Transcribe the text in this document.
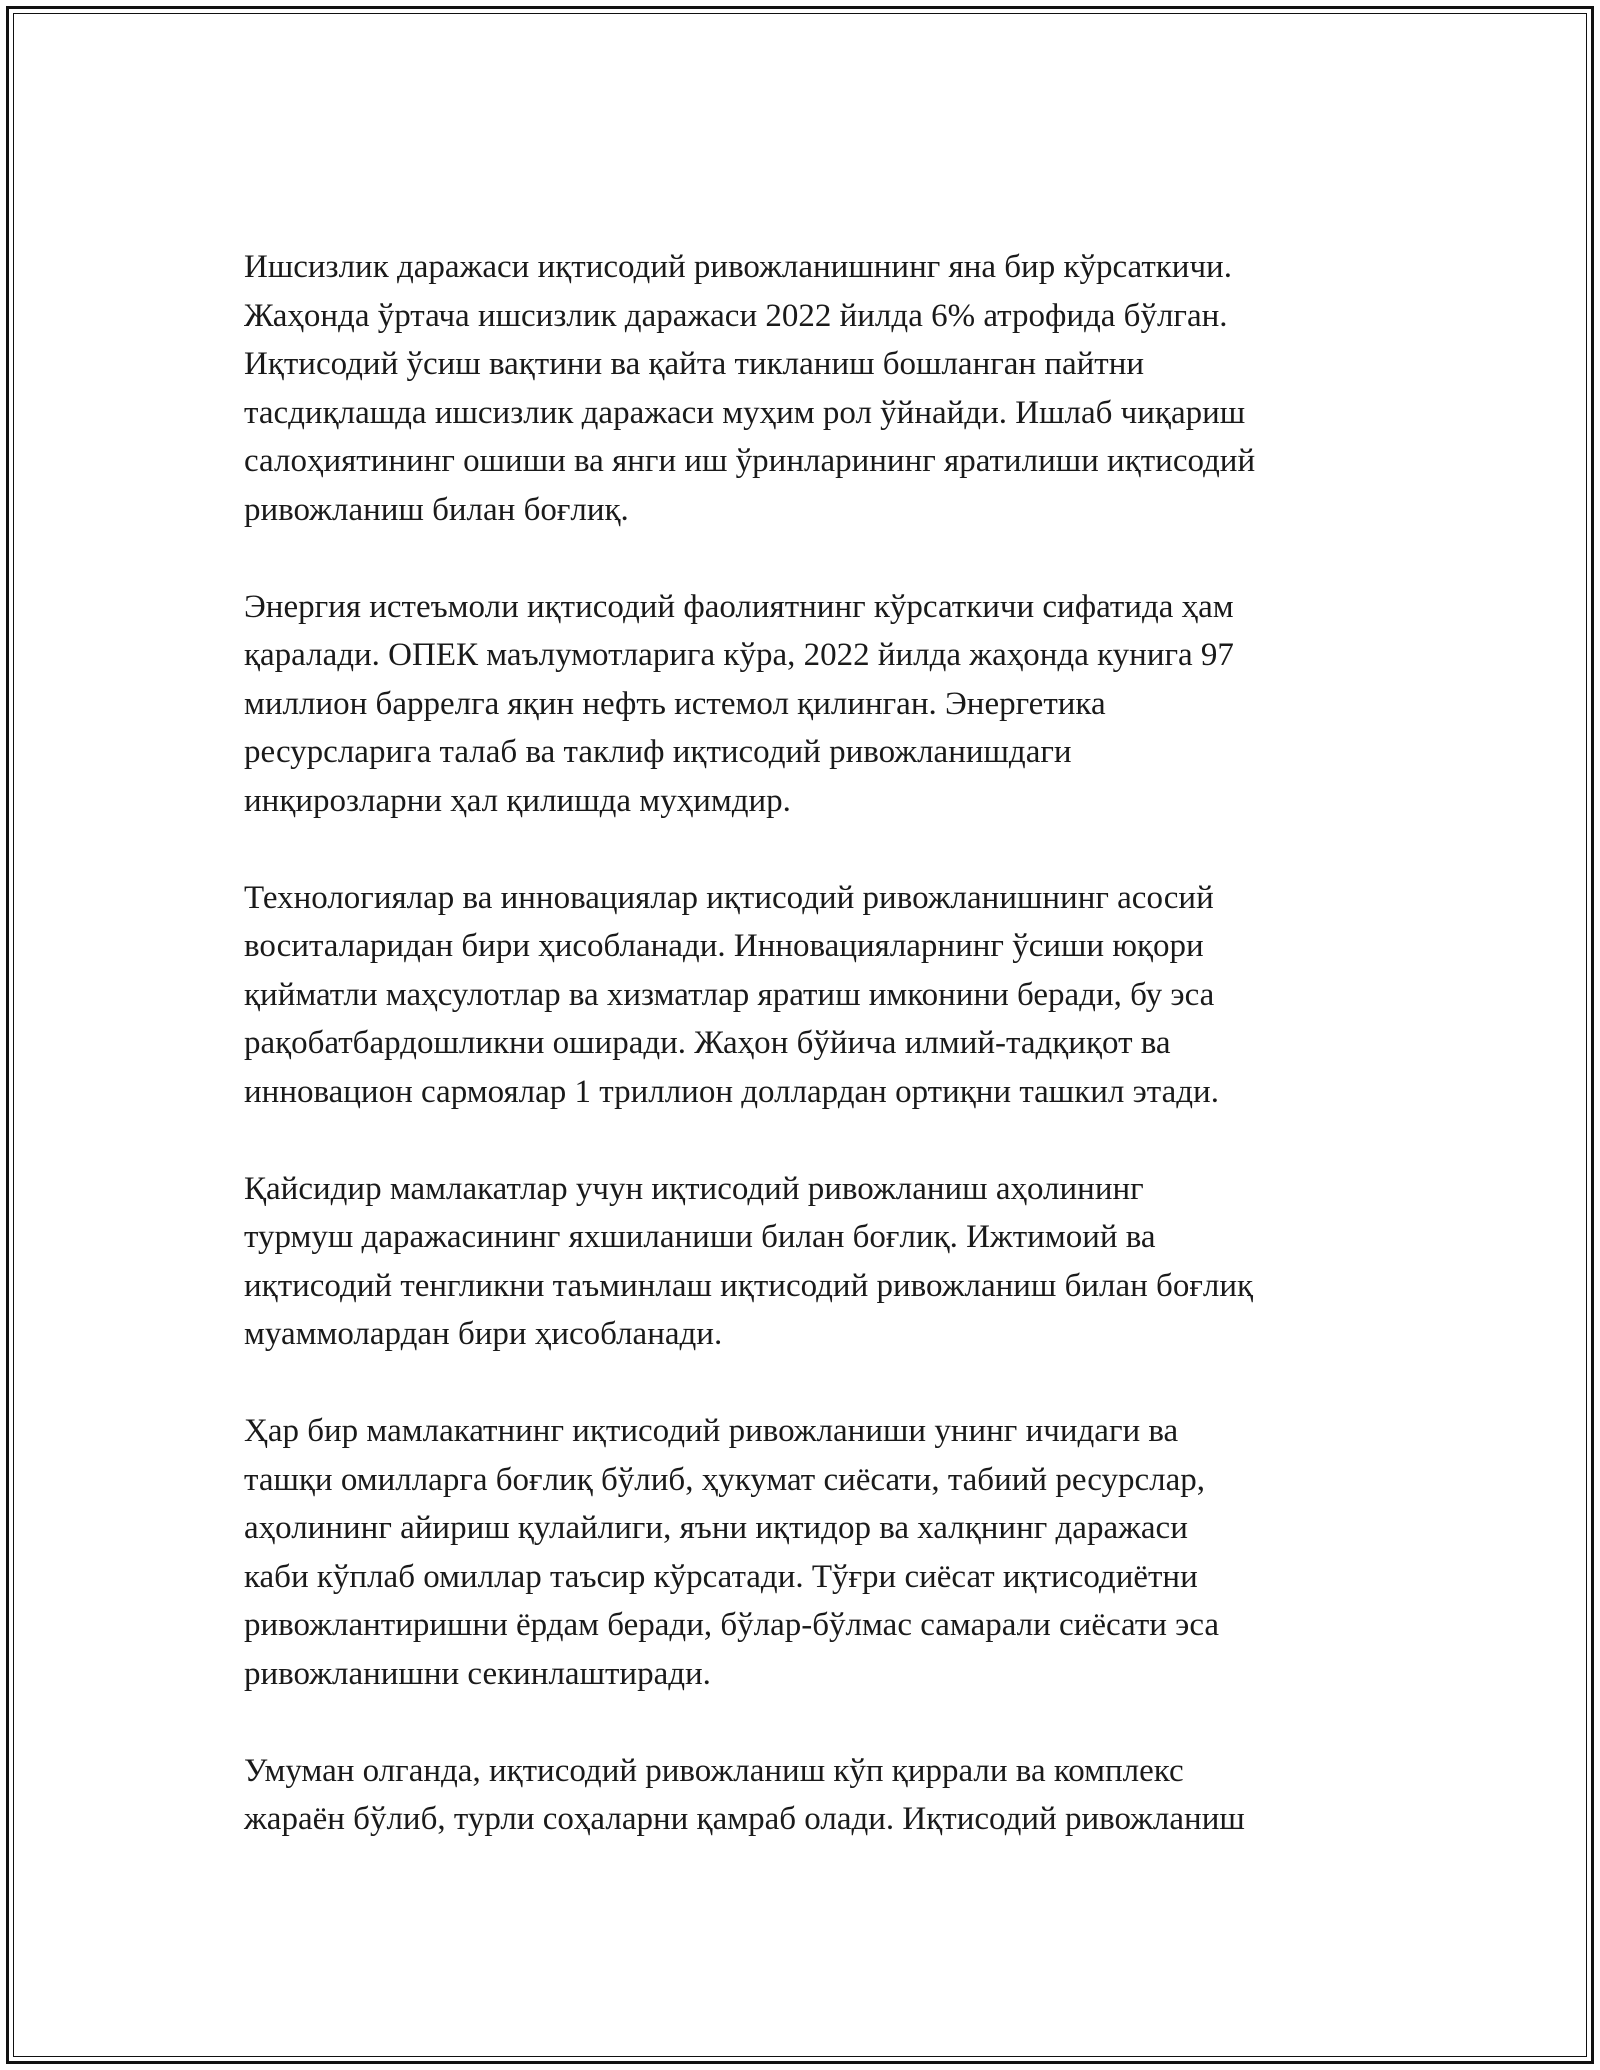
Ишсизлик даражаси иқтисодий ривожланишнинг яна бир кўрсаткичи.
Жаҳонда ўртача ишсизлик даражаси 2022 йилда 6% атрофида бўлган.
Иқтисодий ўсиш вақтини ва қайта тикланиш бошланган пайтни
тасдиқлашда ишсизлик даражаси муҳим рол ўйнайди. Ишлаб чиқариш
салоҳиятининг ошиши ва янги иш ўринларининг яратилиши иқтисодий
ривожланиш билан боғлиқ.

Энергия истеъмоли иқтисодий фаолиятнинг кўрсаткичи сифатида ҳам
қаралади. ОПЕК маълумотларига кўра, 2022 йилда жаҳонда кунига 97
миллион баррелга яқин нефть истемол қилинган. Энергетика
ресурсларига талаб ва таклиф иқтисодий ривожланишдаги
инқирозларни ҳал қилишда муҳимдир.

Технологиялар ва инновациялар иқтисодий ривожланишнинг асосий
воситаларидан бири ҳисобланади. Инновацияларнинг ўсиши юқори
қийматли маҳсулотлар ва хизматлар яратиш имконини беради, бу эса
рақобатбардошликни оширади. Жаҳон бўйича илмий-тадқиқот ва
инновацион сармоялар 1 триллион доллардан ортиқни ташкил этади.

Қайсидир мамлакатлар учун иқтисодий ривожланиш аҳолининг
турмуш даражасининг яхшиланиши билан боғлиқ. Ижтимоий ва
иқтисодий тенгликни таъминлаш иқтисодий ривожланиш билан боғлиқ
муаммолардан бири ҳисобланади.

Ҳар бир мамлакатнинг иқтисодий ривожланиши унинг ичидаги ва
ташқи омилларга боғлиқ бўлиб, ҳукумат сиёсати, табиий ресурслар,
аҳолининг айириш қулайлиги, яъни иқтидор ва халқнинг даражаси
каби кўплаб омиллар таъсир кўрсатади. Тўғри сиёсат иқтисодиётни
ривожлантиришни ёрдам беради, бўлар-бўлмас самарали сиёсати эса
ривожланишни секинлаштиради.

Умуман олганда, иқтисодий ривожланиш кўп қиррали ва комплекс
жараён бўлиб, турли соҳаларни қамраб олади. Иқтисодий ривожланиш
